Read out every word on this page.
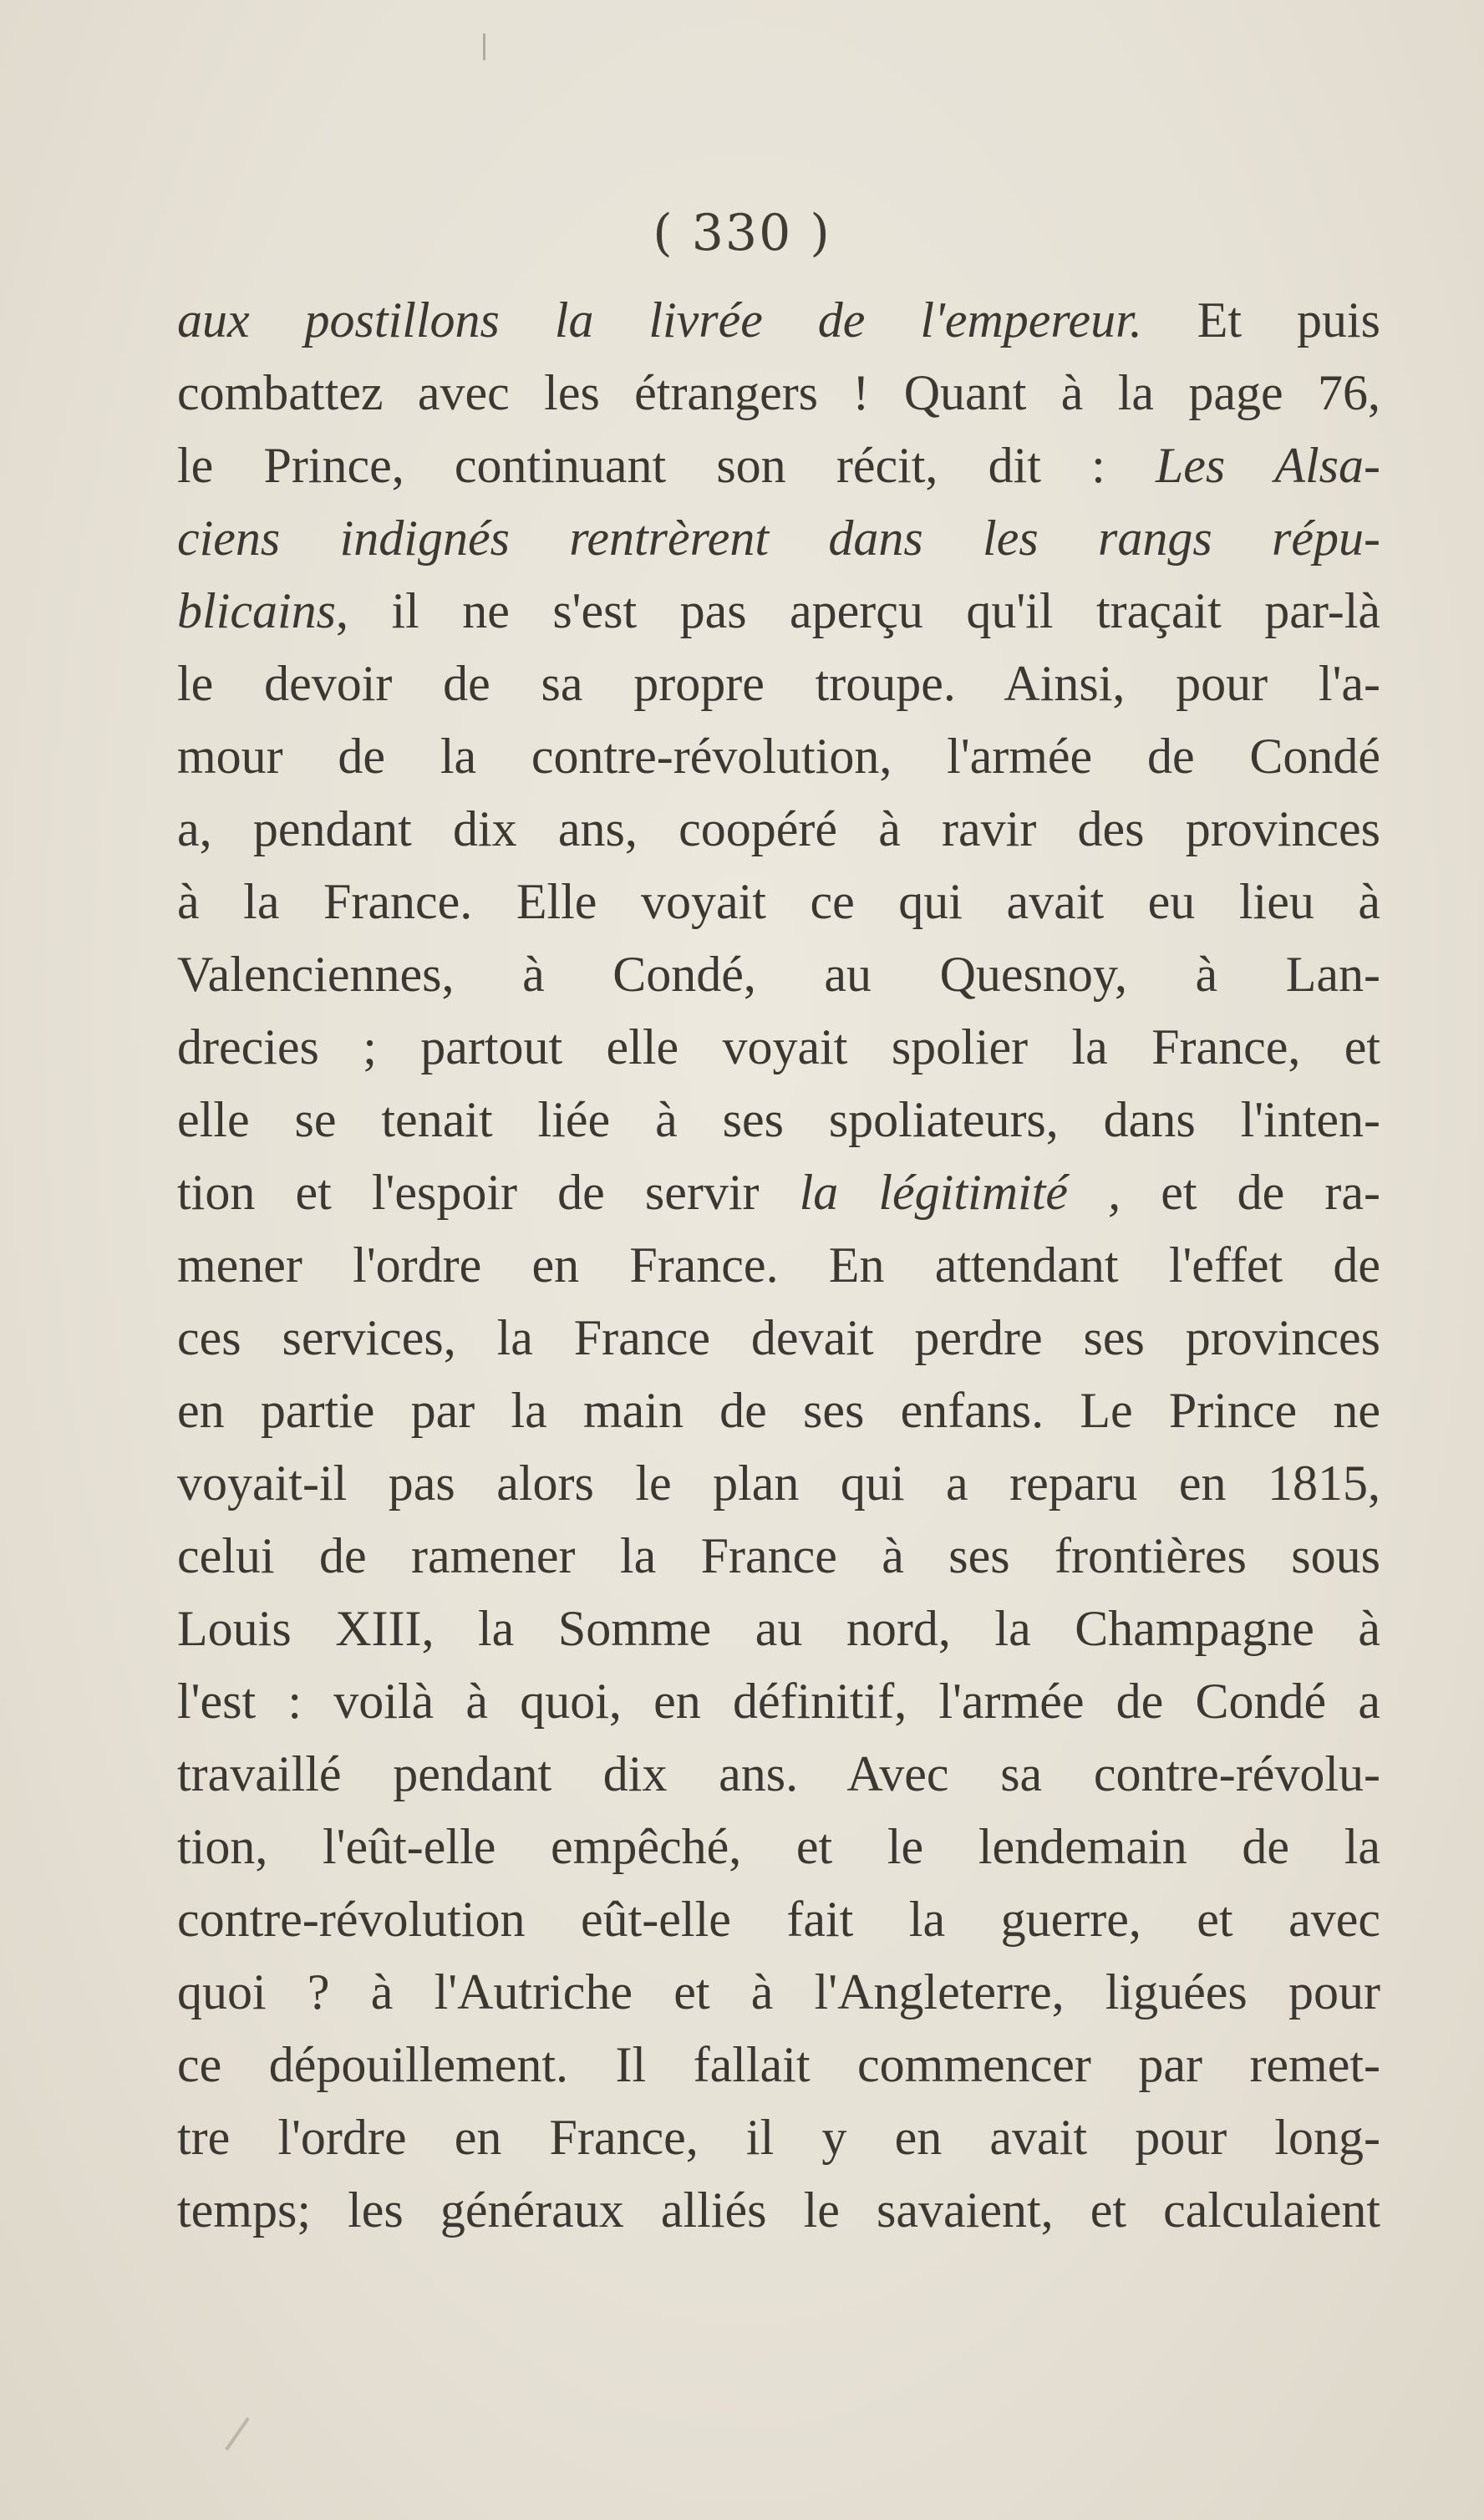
( 330 )
aux postillons la livrée de l'empereur. Et puis
combattez avec les étrangers ! Quant à la page 76,
le Prince, continuant son récit, dit : Les Alsa-
ciens indignés rentrèrent dans les rangs répu-
blicains, il ne s'est pas aperçu qu'il traçait par-là
le devoir de sa propre troupe. Ainsi, pour l'a-
mour de la contre-révolution, l'armée de Condé
a, pendant dix ans, coopéré à ravir des provinces
à la France. Elle voyait ce qui avait eu lieu à
Valenciennes, à Condé, au Quesnoy, à Lan-
drecies ; partout elle voyait spolier la France, et
elle se tenait liée à ses spoliateurs, dans l'inten-
tion et l'espoir de servir la légitimité , et de ra-
mener l'ordre en France. En attendant l'effet de
ces services, la France devait perdre ses provinces
en partie par la main de ses enfans. Le Prince ne
voyait-il pas alors le plan qui a reparu en 1815,
celui de ramener la France à ses frontières sous
Louis XIII, la Somme au nord, la Champagne à
l'est : voilà à quoi, en définitif, l'armée de Condé a
travaillé pendant dix ans. Avec sa contre-révolu-
tion, l'eût-elle empêché, et le lendemain de la
contre-révolution eût-elle fait la guerre, et avec
quoi ? à l'Autriche et à l'Angleterre, liguées pour
ce dépouillement. Il fallait commencer par remet-
tre l'ordre en France, il y en avait pour long-
temps; les généraux alliés le savaient, et calculaient
